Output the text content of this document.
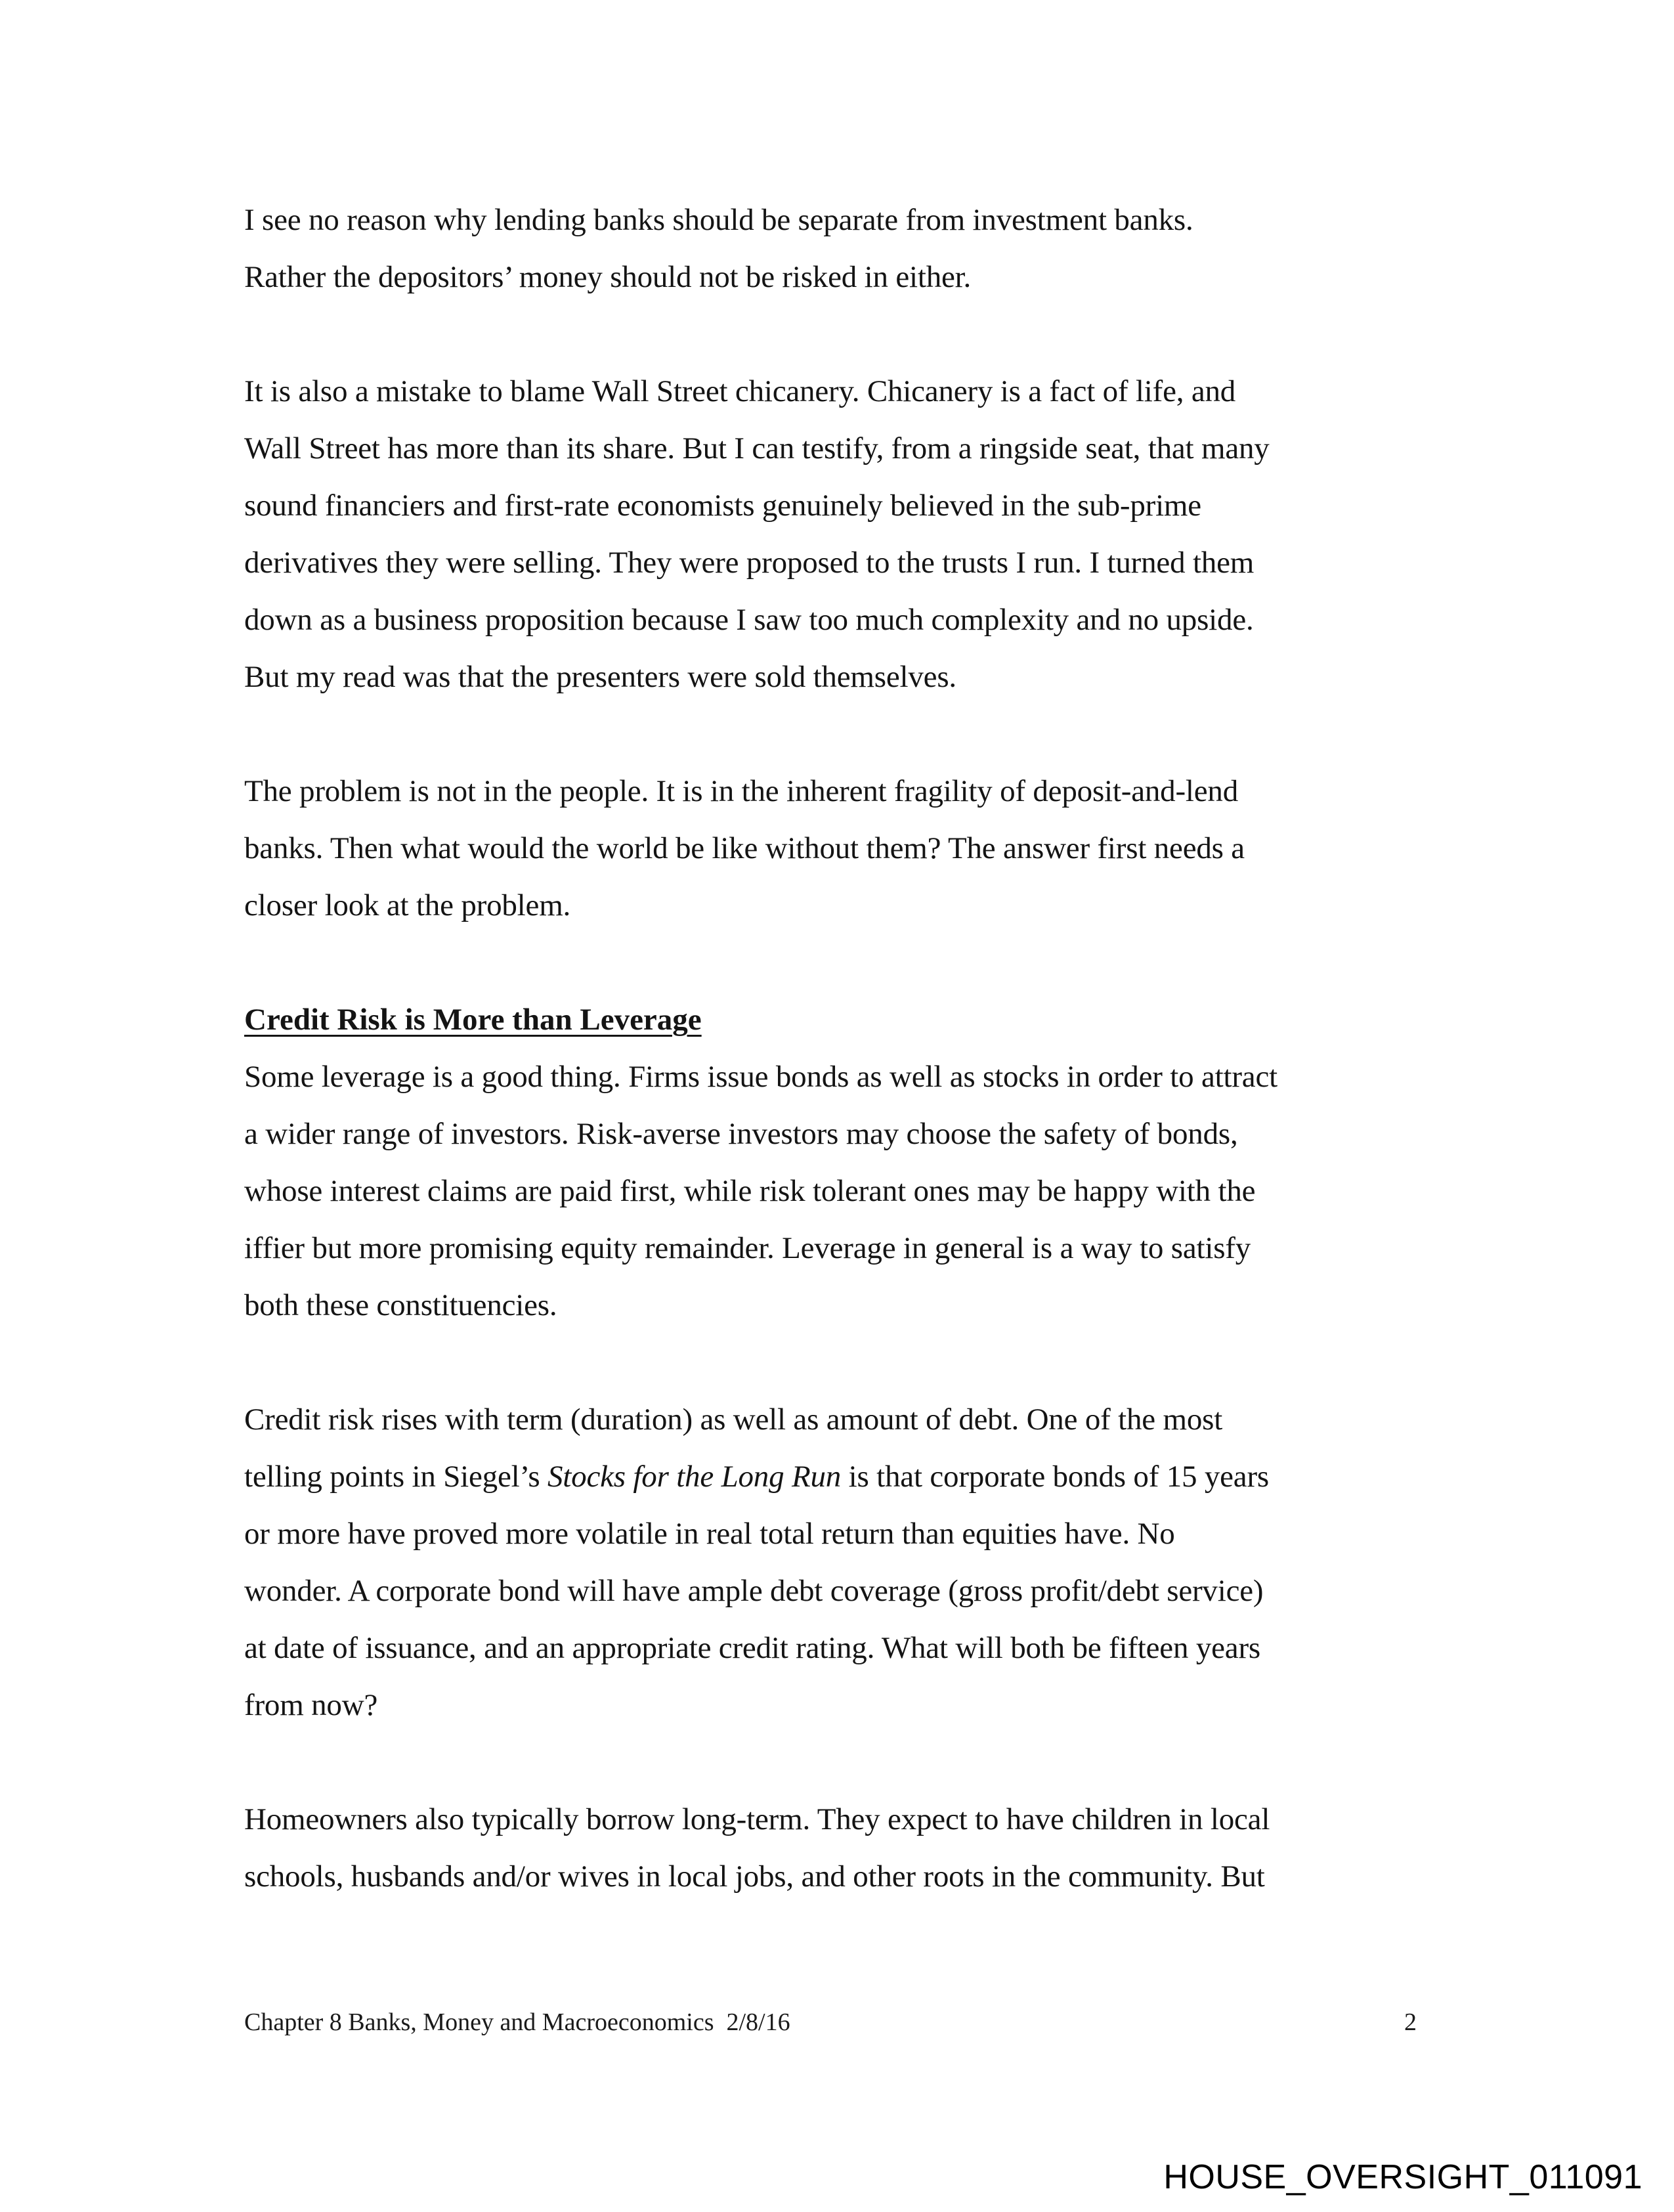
I see no reason why lending banks should be separate from investment banks.
Rather the depositors’ money should not be risked in either.
It is also a mistake to blame Wall Street chicanery. Chicanery is a fact of life, and
Wall Street has more than its share. But I can testify, from a ringside seat, that many
sound financiers and first-rate economists genuinely believed in the sub-prime
derivatives they were selling. They were proposed to the trusts I run. I turned them
down as a business proposition because I saw too much complexity and no upside.
But my read was that the presenters were sold themselves.
The problem is not in the people. It is in the inherent fragility of deposit-and-lend
banks. Then what would the world be like without them? The answer first needs a
closer look at the problem.
Credit Risk is More than Leverage
Some leverage is a good thing. Firms issue bonds as well as stocks in order to attract
a wider range of investors. Risk-averse investors may choose the safety of bonds,
whose interest claims are paid first, while risk tolerant ones may be happy with the
iffier but more promising equity remainder. Leverage in general is a way to satisfy
both these constituencies.
Credit risk rises with term (duration) as well as amount of debt. One of the most
telling points in Siegel’s Stocks for the Long Run is that corporate bonds of 15 years
or more have proved more volatile in real total return than equities have. No
wonder. A corporate bond will have ample debt coverage (gross profit/debt service)
at date of issuance, and an appropriate credit rating. What will both be fifteen years
from now?
Homeowners also typically borrow long-term. They expect to have children in local
schools, husbands and/or wives in local jobs, and other roots in the community. But
Chapter 8 Banks, Money and Macroeconomics  2/8/16	2
HOUSE_OVERSIGHT_011091
